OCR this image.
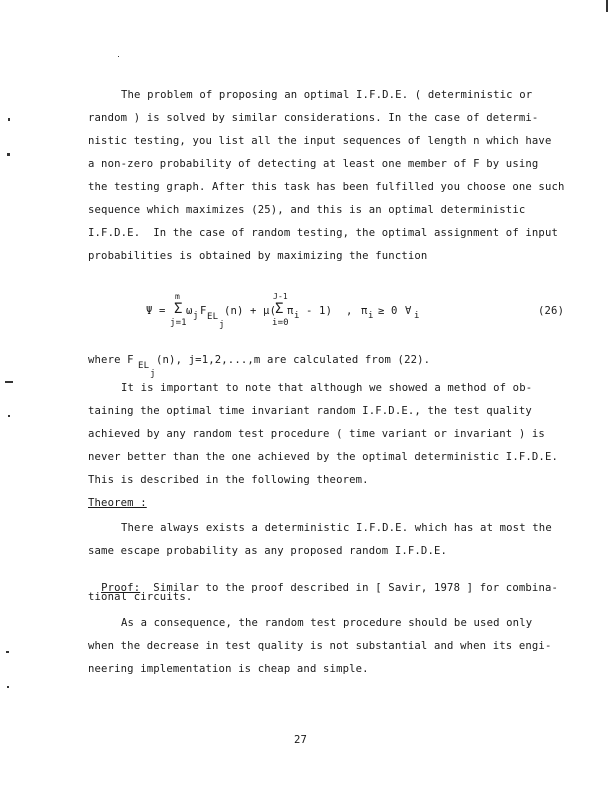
The problem of proposing an optimal I.F.D.E. ( deterministic or
random ) is solved by similar considerations. In the case of determi-
nistic testing, you list all the input sequences of length n which have
a non-zero probability of detecting at least one member of F by using
the testing graph. After this task has been fulfilled you choose one such
sequence which maximizes (25), and this is an optimal deterministic
I.F.D.E.  In the case of random testing, the optimal assignment of input
probabilities is obtained by maximizing the function
Ψ =
m
Σ
j=1
ω j F EL
j
(n) + μ(
J-1
Σ
i=0
π i - 1) , π i ≥ 0 ∀ i	(26)
where F EL
j
(n), j=1,2,...,m are calculated from (22).
It is important to note that although we showed a method of ob-
taining the optimal time invariant random I.F.D.E., the test quality
achieved by any random test procedure ( time variant or invariant ) is
never better than the one achieved by the optimal deterministic I.F.D.E.
This is described in the following theorem.
Theorem :
There always exists a deterministic I.F.D.E. which has at most the
same escape probability as any proposed random I.F.D.E.

Proof:  Similar to the proof described in [ Savir, 1978 ] for combina-

tional circuits.
As a consequence, the random test procedure should be used only
when the decrease in test quality is not substantial and when its engi-
neering implementation is cheap and simple.
27
